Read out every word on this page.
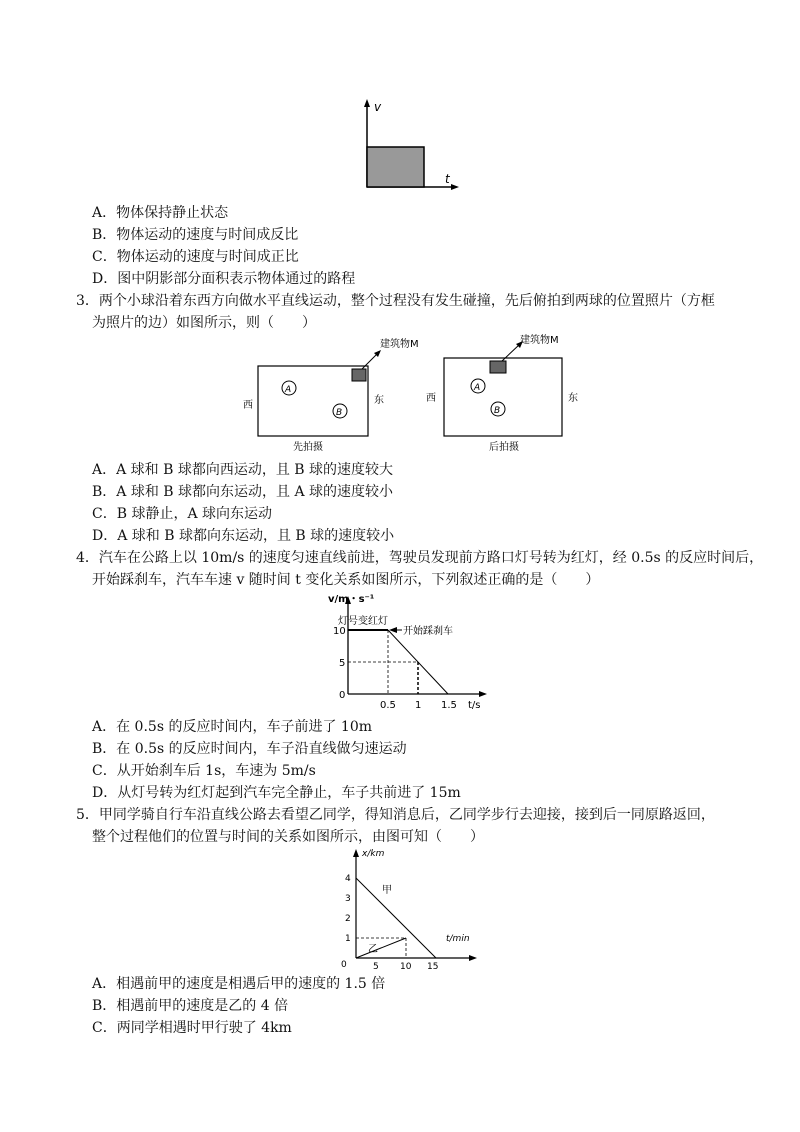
v
t
A．物体保持静止状态
B．物体运动的速度与时间成反比
C．物体运动的速度与时间成正比
D．图中阴影部分面积表示物体通过的路程
3．两个小球沿着东西方向做水平直线运动，整个过程没有发生碰撞，先后俯拍到两球的位置照片（方框
为照片的边）如图所示，则（　　）
建筑物M
A
B
西	东
先拍摄
建筑物M
A
B
西	东
后拍摄
A．A 球和 B 球都向西运动，且 B 球的速度较大
B．A 球和 B 球都向东运动，且 A 球的速度较小
C．B 球静止，A 球向东运动
D．A 球和 B 球都向东运动，且 B 球的速度较小
4．汽车在公路上以 10m/s 的速度匀速直线前进，驾驶员发现前方路口灯号转为红灯，经 0.5s 的反应时间后，
开始踩刹车，汽车车速 v 随时间 t 变化关系如图所示，下列叙述正确的是（　　）
v/m・s⁻¹
灯号变红灯
开始踩刹车
10
5
0
0.5 1 1.5 t/s
A．在 0.5s 的反应时间内，车子前进了 10m
B．在 0.5s 的反应时间内，车子沿直线做匀速运动
C．从开始刹车后 1s，车速为 5m/s
D．从灯号转为红灯起到汽车完全静止，车子共前进了 15m
5．甲同学骑自行车沿直线公路去看望乙同学，得知消息后，乙同学步行去迎接，接到后一同原路返回，
整个过程他们的位置与时间的关系如图所示，由图可知（　　）
x/km
t/min
甲
乙
4
3
2
1
0	5 10 15
A．相遇前甲的速度是相遇后甲的速度的 1.5 倍
B．相遇前甲的速度是乙的 4 倍
C．两同学相遇时甲行驶了 4km
